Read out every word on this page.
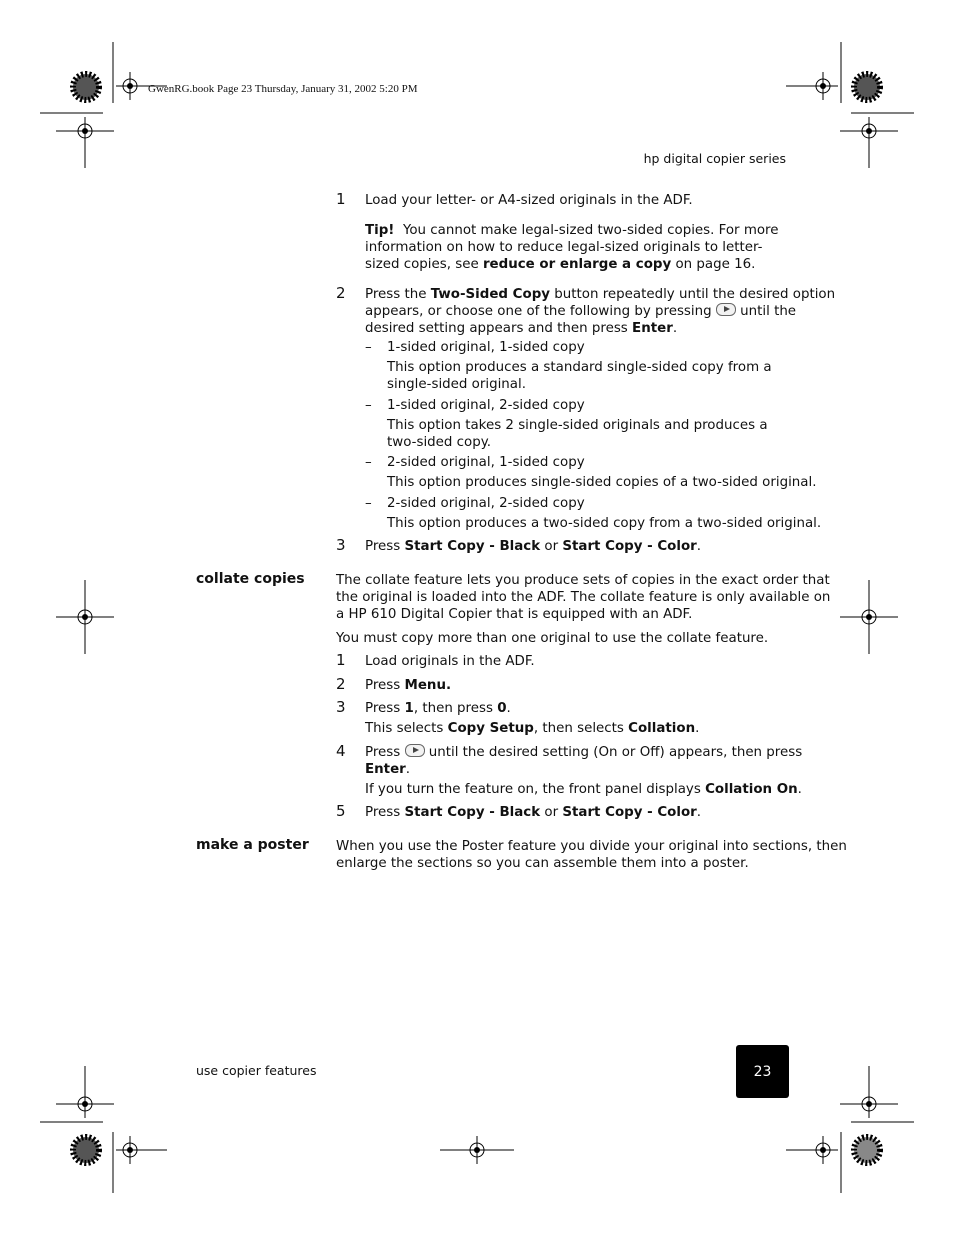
GwenRG.book Page 23 Thursday, January 31, 2002 5:20 PM
hp digital copier series
1 Load your letter- or A4-sized originals in the ADF.
Tip! You cannot make legal-sized two-sided copies. For more
information on how to reduce legal-sized originals to letter-
sized copies, see reduce or enlarge a copy on page 16.
2 Press the Two-Sided Copy button repeatedly until the desired option
appears, or choose one of the following by pressing  until the
desired setting appears and then press Enter.
– 1-sided original, 1-sided copy
This option produces a standard single-sided copy from a
single-sided original.
– 1-sided original, 2-sided copy
This option takes 2 single-sided originals and produces a
two-sided copy.
– 2-sided original, 1-sided copy
This option produces single-sided copies of a two-sided original.
– 2-sided original, 2-sided copy
This option produces a two-sided copy from a two-sided original.
3 Press Start Copy - Black or Start Copy - Color.
collate copies The collate feature lets you produce sets of copies in the exact order that
the original is loaded into the ADF. The collate feature is only available on
a HP 610 Digital Copier that is equipped with an ADF.
You must copy more than one original to use the collate feature.
1 Load originals in the ADF.
2 Press Menu.
3 Press 1, then press 0.
This selects Copy Setup, then selects Collation.
4 Press  until the desired setting (On or Off) appears, then press
Enter.
If you turn the feature on, the front panel displays Collation On.
5 Press Start Copy - Black or Start Copy - Color.
make a poster When you use the Poster feature you divide your original into sections, then
enlarge the sections so you can assemble them into a poster.
use copier features	23
